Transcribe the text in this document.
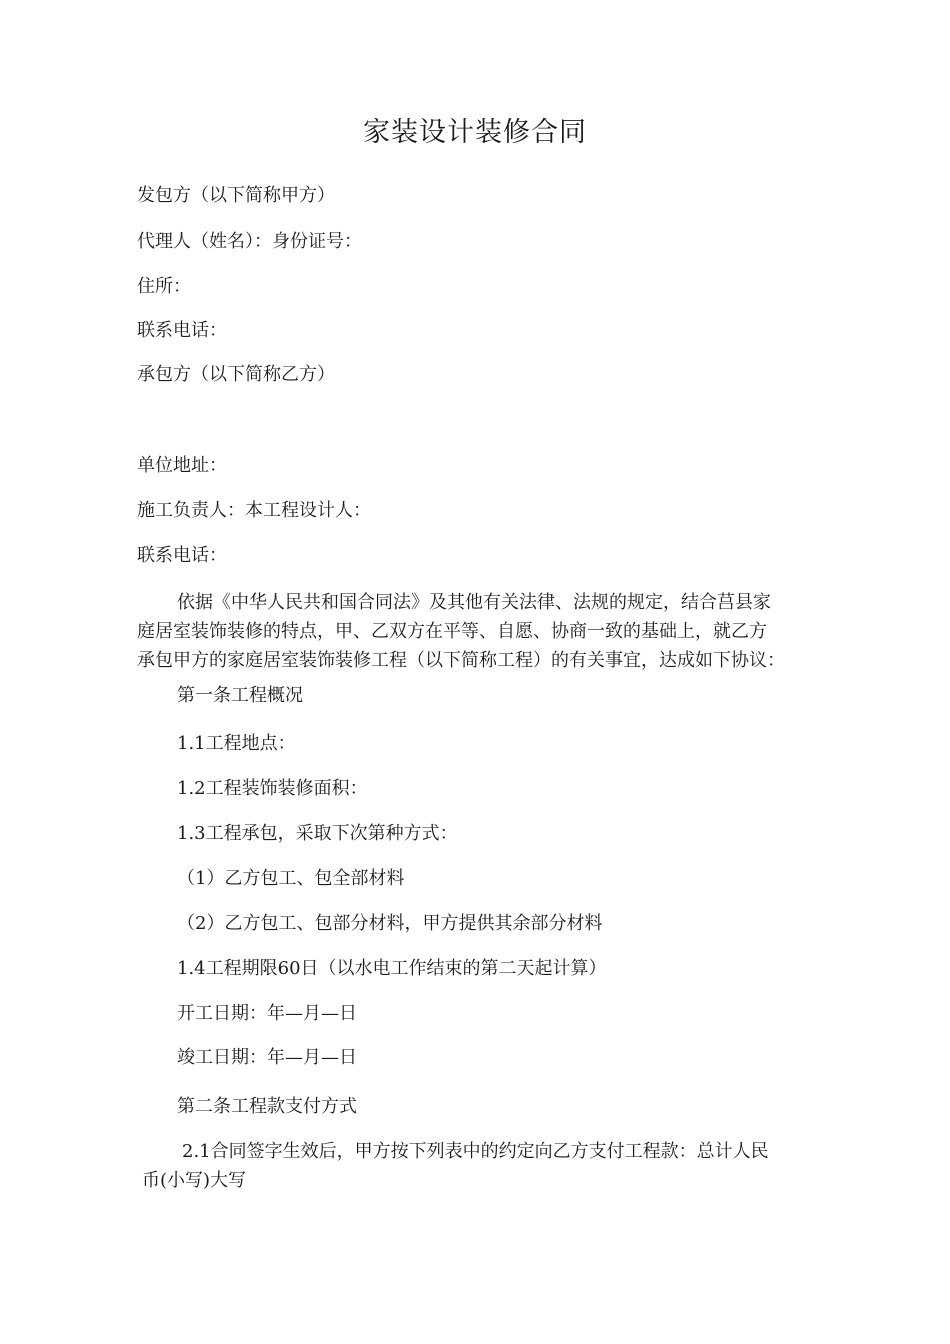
家装设计装修合同
发包方（以下简称甲方）
代理人（姓名）：身份证号：
住所：
联系电话：
承包方（以下简称乙方）
单位地址：
施工负责人：本工程设计人：
联系电话：
依据《中华人民共和国合同法》及其他有关法律、法规的规定，结合莒县家
庭居室装饰装修的特点，甲、乙双方在平等、自愿、协商一致的基础上，就乙方
承包甲方的家庭居室装饰装修工程（以下简称工程）的有关事宜，达成如下协议：
第一条工程概况
1.1工程地点：
1.2工程装饰装修面积：
1.3工程承包，采取下次第种方式：
（1）乙方包工、包全部材料
（2）乙方包工、包部分材料，甲方提供其余部分材料
1.4工程期限60日（以水电工作结束的第二天起计算）
开工日期：年—月—日
竣工日期：年—月—日
第二条工程款支付方式
2.1合同签字生效后，甲方按下列表中的约定向乙方支付工程款：总计人民
币(小写)大写
